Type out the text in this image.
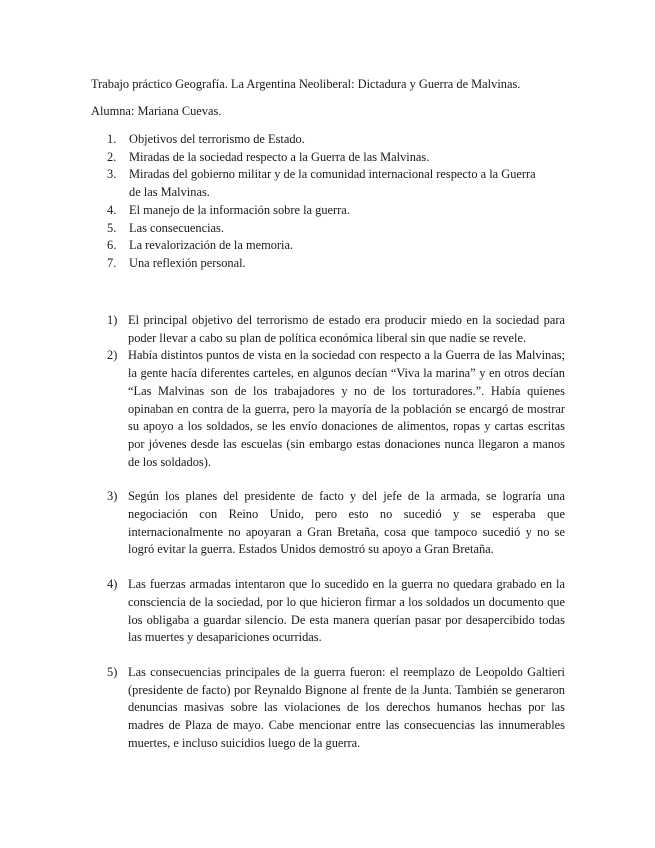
Trabajo práctico Geografía. La Argentina Neoliberal: Dictadura y Guerra de Malvinas.
Alumna: Mariana Cuevas.
1. Objetivos del terrorismo de Estado.
2. Miradas de la sociedad respecto a la Guerra de las Malvinas.
3. Miradas del gobierno militar y de la comunidad internacional respecto a la Guerra de las Malvinas.
4. El manejo de la información sobre la guerra.
5. Las consecuencias.
6. La revalorización de la memoria.
7. Una reflexión personal.
1) El principal objetivo del terrorismo de estado era producir miedo en la sociedad para poder llevar a cabo su plan de política económica liberal sin que nadie se revele.
2) Había distintos puntos de vista en la sociedad con respecto a la Guerra de las Malvinas; la gente hacía diferentes carteles, en algunos decían “Viva la marina” y en otros decían “Las Malvinas son de los trabajadores y no de los torturadores.”. Había quienes opinaban en contra de la guerra, pero la mayoría de la población se encargó de mostrar su apoyo a los soldados, se les envío donaciones de alimentos, ropas y cartas escritas por jóvenes desde las escuelas (sin embargo estas donaciones nunca llegaron a manos de los soldados).
3) Según los planes del presidente de facto y del jefe de la armada, se lograría una negociación con Reino Unido, pero esto no sucedió y se esperaba que internacionalmente no apoyaran a Gran Bretaña, cosa que tampoco sucedió y no se logró evitar la guerra. Estados Unidos demostró su apoyo a Gran Bretaña.
4) Las fuerzas armadas intentaron que lo sucedido en la guerra no quedara grabado en la consciencia de la sociedad, por lo que hicieron firmar a los soldados un documento que los obligaba a guardar silencio. De esta manera querían pasar por desapercibido todas las muertes y desapariciones ocurridas.
5) Las consecuencias principales de la guerra fueron: el reemplazo de Leopoldo Galtieri (presidente de facto) por Reynaldo Bignone al frente de la Junta. También se generaron denuncias masivas sobre las violaciones de los derechos humanos hechas por las madres de Plaza de mayo. Cabe mencionar entre las consecuencias las innumerables muertes, e incluso suicidios luego de la guerra.
